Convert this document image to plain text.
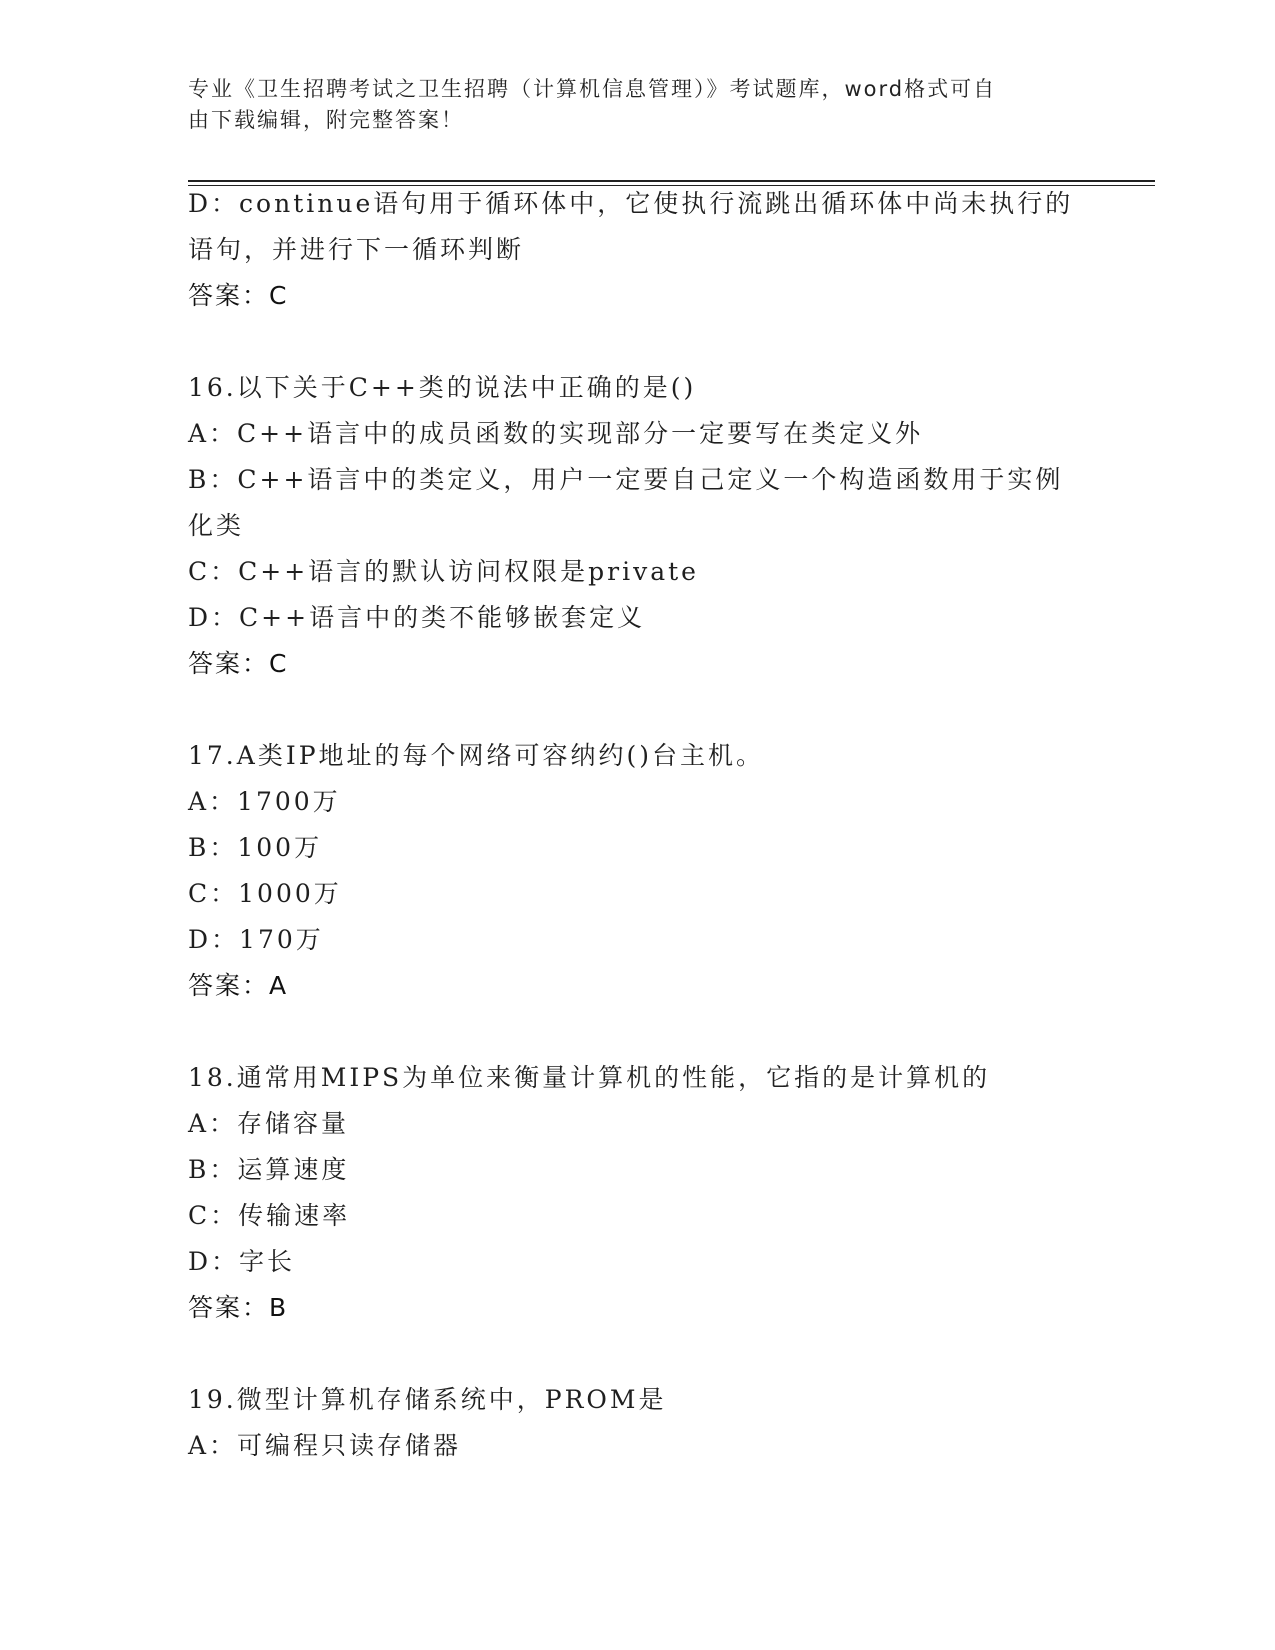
专业《卫生招聘考试之卫生招聘（计算机信息管理）》考试题库，word格式可自
由下载编辑，附完整答案！
D：continue语句用于循环体中，它使执行流跳出循环体中尚未执行的
语句，并进行下一循环判断
答案：C
16.以下关于C++类的说法中正确的是()
A：C++语言中的成员函数的实现部分一定要写在类定义外
B：C++语言中的类定义，用户一定要自己定义一个构造函数用于实例
化类
C：C++语言的默认访问权限是private
D：C++语言中的类不能够嵌套定义
答案：C
17.A类IP地址的每个网络可容纳约()台主机。
A：1700万
B：100万
C：1000万
D：170万
答案：A
18.通常用MIPS为单位来衡量计算机的性能，它指的是计算机的
A：存储容量
B：运算速度
C：传输速率
D：字长
答案：B
19.微型计算机存储系统中，PROM是
A：可编程只读存储器
